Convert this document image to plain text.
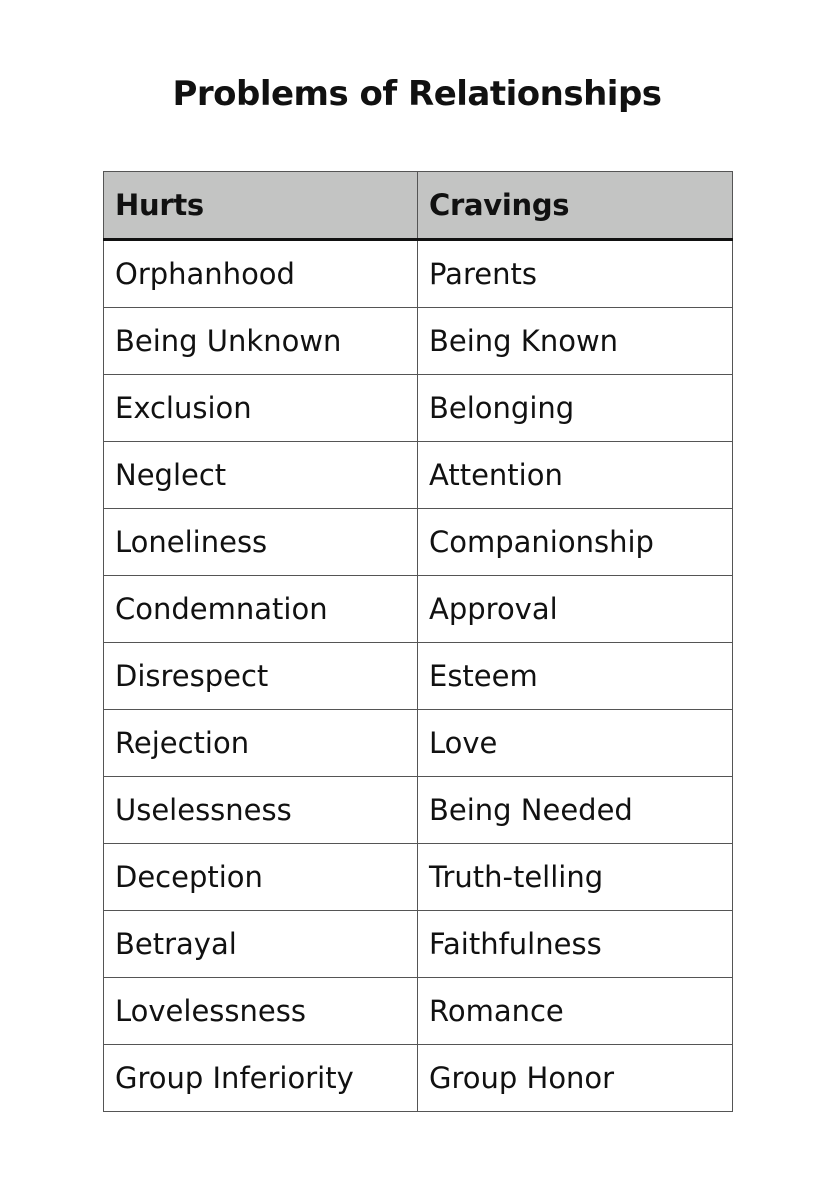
Problems of Relationships
Hurts	Cravings
Orphanhood	Parents
Being Unknown	Being Known
Exclusion	Belonging
Neglect	Attention
Loneliness	Companionship
Condemnation	Approval
Disrespect	Esteem
Rejection	Love
Uselessness	Being Needed
Deception	Truth-telling
Betrayal	Faithfulness
Lovelessness	Romance
Group Inferiority	Group Honor
